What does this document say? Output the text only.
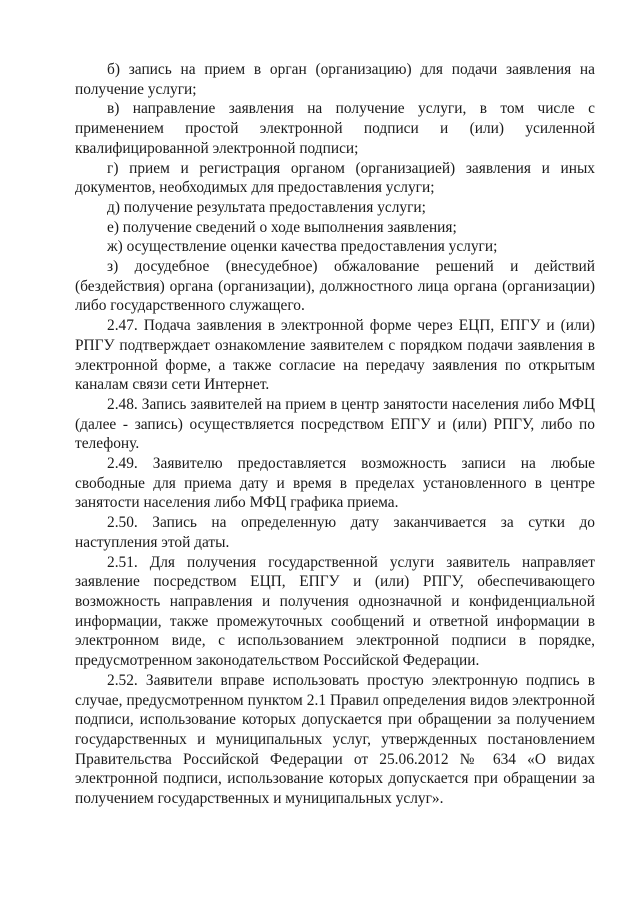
б) запись на прием в орган (организацию) для подачи заявления на получение услуги;

в) направление заявления на получение услуги, в том числе с применением простой электронной подписи и (или) усиленной квалифицированной электронной подписи;

г) прием и регистрация органом (организацией) заявления и иных документов, необходимых для предоставления услуги;

д) получение результата предоставления услуги;

е) получение сведений о ходе выполнения заявления;

ж) осуществление оценки качества предоставления услуги;

з) досудебное (внесудебное) обжалование решений и действий (бездействия) органа (организации), должностного лица органа (организации) либо государственного служащего.

2.47. Подача заявления в электронной форме через ЕЦП, ЕПГУ и (или) РПГУ подтверждает ознакомление заявителем с порядком подачи заявления в электронной форме, а также согласие на передачу заявления по открытым каналам связи сети Интернет.

2.48. Запись заявителей на прием в центр занятости населения либо МФЦ (далее - запись) осуществляется посредством ЕПГУ и (или) РПГУ, либо по телефону.

2.49. Заявителю предоставляется возможность записи на любые свободные для приема дату и время в пределах установленного в центре занятости населения либо МФЦ графика приема.

2.50. Запись на определенную дату заканчивается за сутки до наступления этой даты.

2.51. Для получения государственной услуги заявитель направляет заявление посредством ЕЦП, ЕПГУ и (или) РПГУ, обеспечивающего возможность направления и получения однозначной и конфиденциальной информации, также промежуточных сообщений и ответной информации в электронном виде, с использованием электронной подписи в порядке, предусмотренном законодательством Российской Федерации.

2.52. Заявители вправе использовать простую электронную подпись в случае, предусмотренном пунктом 2.1 Правил определения видов электронной подписи, использование которых допускается при обращении за получением государственных и муниципальных услуг, утвержденных постановлением Правительства Российской Федерации от 25.06.2012 № 634 «О видах электронной подписи, использование которых допускается при обращении за получением государственных и муниципальных услуг».
